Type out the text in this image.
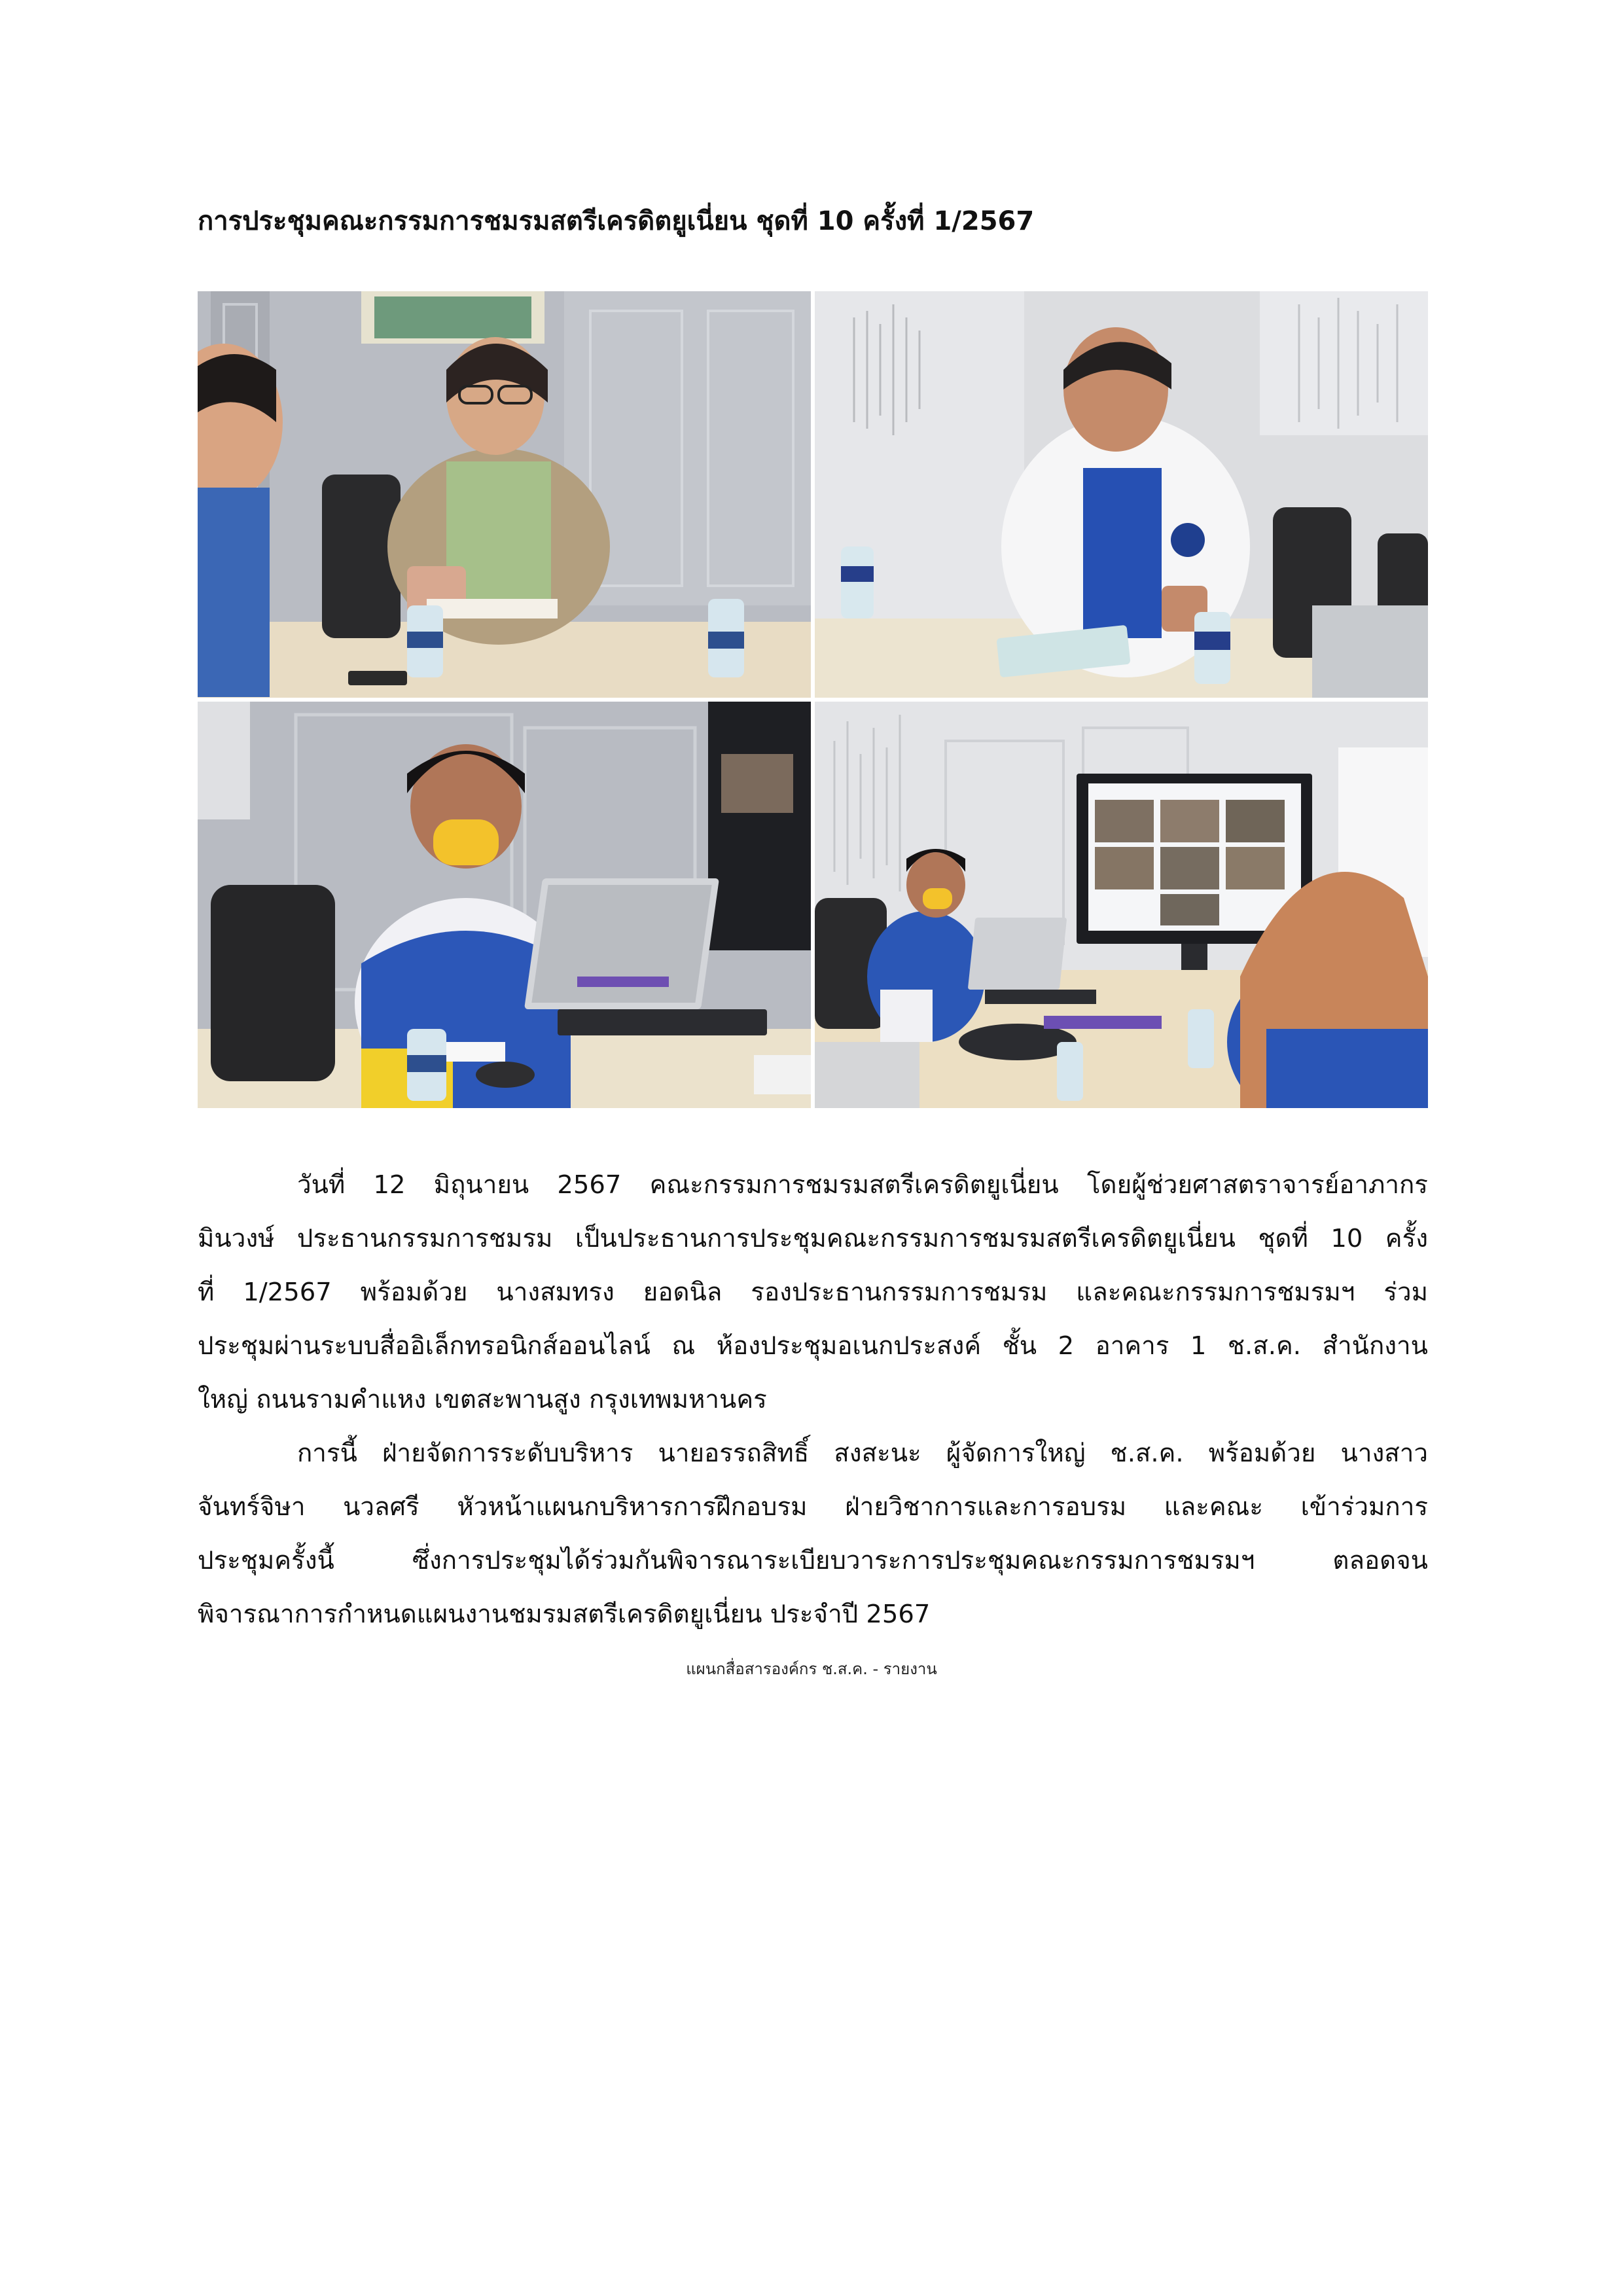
การประชุมคณะกรรมการชมรมสตรีเครดิตยูเนี่ยน ชุดที่ 10 ครั้งที่ 1/2567

วันที่ 12 มิถุนายน 2567 คณะกรรมการชมรมสตรีเครดิตยูเนี่ยน โดยผู้ช่วยศาสตราจารย์อาภากร
มินวงษ์ ประธานกรรมการชมรม เป็นประธานการประชุมคณะกรรมการชมรมสตรีเครดิตยูเนี่ยน ชุดที่ 10 ครั้ง
ที่ 1/2567 พร้อมด้วย นางสมทรง ยอดนิล รองประธานกรรมการชมรม และคณะกรรมการชมรมฯ ร่วม
ประชุมผ่านระบบสื่ออิเล็กทรอนิกส์ออนไลน์ ณ ห้องประชุมอเนกประสงค์ ชั้น 2 อาคาร 1 ช.ส.ค. สำนักงาน
ใหญ่ ถนนรามคำแหง เขตสะพานสูง กรุงเทพมหานคร

การนี้ ฝ่ายจัดการระดับบริหาร นายอรรถสิทธิ์ สงสะนะ ผู้จัดการใหญ่ ช.ส.ค. พร้อมด้วย นางสาว
จันทร์จิษา นวลศรี หัวหน้าแผนกบริหารการฝึกอบรม ฝ่ายวิชาการและการอบรม และคณะ เข้าร่วมการ
ประชุมครั้งนี้ ซึ่งการประชุมได้ร่วมกันพิจารณาระเบียบวาระการประชุมคณะกรรมการชมรมฯ ตลอดจน
พิจารณาการกำหนดแผนงานชมรมสตรีเครดิตยูเนี่ยน ประจำปี 2567

แผนกสื่อสารองค์กร ช.ส.ค. - รายงาน
